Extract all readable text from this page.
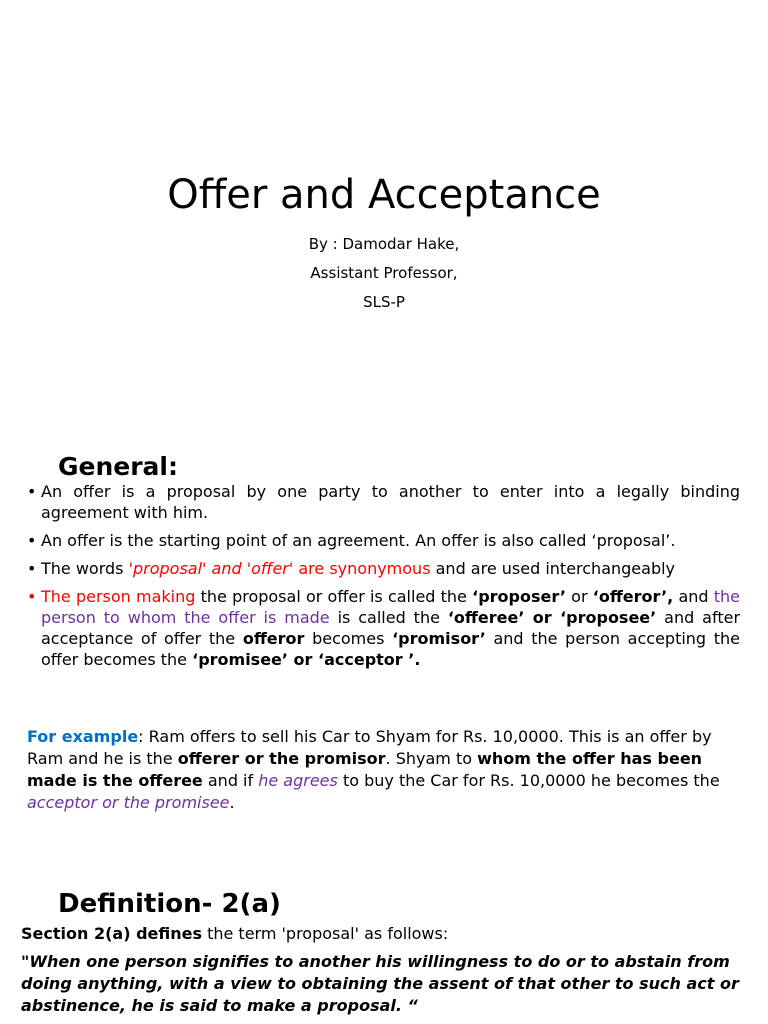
Offer and Acceptance
By : Damodar Hake,
Assistant Professor,
SLS-P
General:
• An offer is a proposal by one party to another to enter into a legally binding agreement with him.
• An offer is the starting point of an agreement. An offer is also called ‘proposal’.
• The words 'proposal' and 'offer' are synonymous and are used interchangeably
• The person making the proposal or offer is called the ‘proposer’ or ‘offeror’, and the person to whom the offer is made is called the ‘offeree’ or ‘proposee’ and after acceptance of offer the offeror becomes ‘promisor’ and the person accepting the offer becomes the ‘promisee’ or ‘acceptor ’.

For example: Ram offers to sell his Car to Shyam for Rs. 10,0000. This is an offer by Ram and he is the offerer or the promisor. Shyam to whom the offer has been made is the offeree and if he agrees to buy the Car for Rs. 10,0000 he becomes the acceptor or the promisee.

Definition- 2(a)

Section 2(a) defines the term 'proposal' as follows:

"When one person signifies to another his willingness to do or to abstain from doing anything, with a view to obtaining the assent of that other to such act or abstinence, he is said to make a proposal. “
